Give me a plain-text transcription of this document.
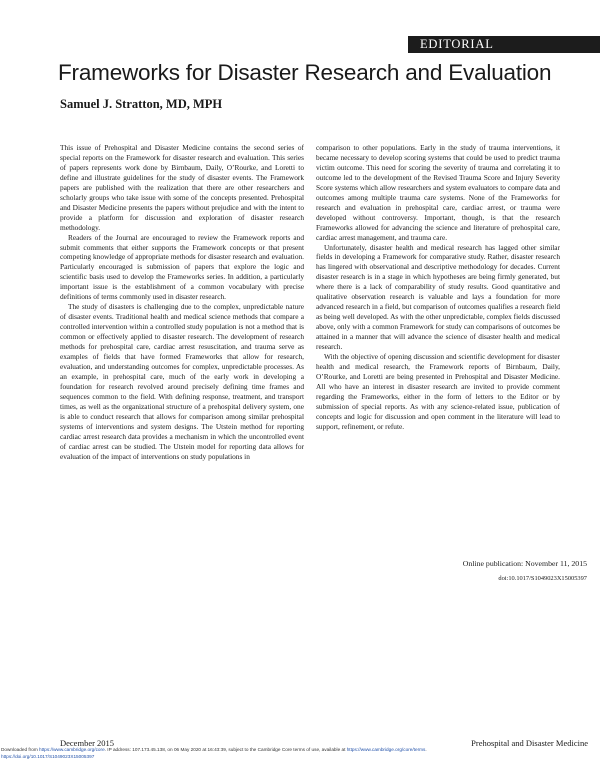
EDITORIAL
Frameworks for Disaster Research and Evaluation
Samuel J. Stratton, MD, MPH

This issue of Prehospital and Disaster Medicine contains the second series of special reports on the Framework for disaster research and evaluation. This series of papers represents work done by Birnbaum, Daily, O’Rourke, and Loretti to define and illustrate guidelines for the study of disaster events. The Framework papers are published with the realization that there are other researchers and scholarly groups who take issue with some of the concepts presented. Prehospital and Disaster Medicine presents the papers without prejudice and with the intent to provide a platform for discussion and exploration of disaster research methodology.

Readers of the Journal are encouraged to review the Framework reports and submit comments that either supports the Framework concepts or that present competing knowledge of appropriate methods for disaster research and evaluation. Particularly encouraged is submission of papers that explore the logic and scientific basis used to develop the Frameworks series. In addition, a particularly important issue is the establishment of a common vocabulary with precise definitions of terms commonly used in disaster research.

The study of disasters is challenging due to the complex, unpredictable nature of disaster events. Traditional health and medical science methods that compare a controlled intervention within a controlled study population is not a method that is common or effectively applied to disaster research. The development of research methods for prehospital care, cardiac arrest resuscitation, and trauma serve as examples of fields that have formed Frameworks that allow for research, evaluation, and understanding outcomes for complex, unpredictable processes. As an example, in prehospital care, much of the early work in developing a foundation for research revolved around precisely defining time frames and sequences common to the field. With defining response, treatment, and transport times, as well as the organizational structure of a prehospital delivery system, one is able to conduct research that allows for comparison among similar prehospital systems of interventions and system designs. The Utstein method for reporting cardiac arrest research data provides a mechanism in which the uncontrolled event of cardiac arrest can be studied. The Utstein model for reporting data allows for evaluation of the impact of interventions on study populations in

comparison to other populations. Early in the study of trauma interventions, it became necessary to develop scoring systems that could be used to predict trauma victim outcome. This need for scoring the severity of trauma and correlating it to outcome led to the development of the Revised Trauma Score and Injury Severity Score systems which allow researchers and system evaluators to compare data and outcomes among multiple trauma care systems. None of the Frameworks for research and evaluation in prehospital care, cardiac arrest, or trauma were developed without controversy. Important, though, is that the research Frameworks allowed for advancing the science and literature of prehospital care, cardiac arrest management, and trauma care.

Unfortunately, disaster health and medical research has lagged other similar fields in developing a Framework for comparative study. Rather, disaster research has lingered with observational and descriptive methodology for decades. Current disaster research is in a stage in which hypotheses are being firmly generated, but where there is a lack of comparability of study results. Good quantitative and qualitative observation research is valuable and lays a foundation for more advanced research in a field, but comparison of outcomes qualifies a research field as being well developed. As with the other unpredictable, complex fields discussed above, only with a common Framework for study can comparisons of outcomes be attained in a manner that will advance the science of disaster health and medical research.

With the objective of opening discussion and scientific development for disaster health and medical research, the Framework reports of Birnbaum, Daily, O’Rourke, and Loretti are being presented in Prehospital and Disaster Medicine. All who have an interest in disaster research are invited to provide comment regarding the Frameworks, either in the form of letters to the Editor or by submission of special reports. As with any science-related issue, publication of concepts and logic for discussion and open comment in the literature will lead to support, refinement, or refute.

Online publication: November 11, 2015
doi:10.1017/S1049023X15005397
December 2015	Prehospital and Disaster Medicine
Downloaded from https://www.cambridge.org/core. IP address: 107.173.45.138, on 06 May 2020 at 16:43:39, subject to the Cambridge Core terms of use, available at https://www.cambridge.org/core/terms.
https://doi.org/10.1017/S1049023X15005397
